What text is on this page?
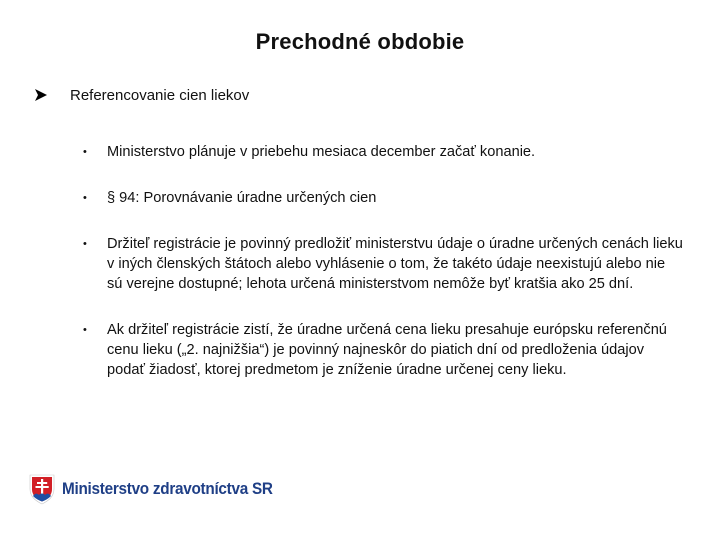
Prechodné obdobie
Referencovanie cien liekov
• Ministerstvo plánuje v priebehu mesiaca december začať konanie.
• § 94: Porovnávanie úradne určených cien
• Držiteľ registrácie je povinný predložiť ministerstvu údaje o úradne určených cenách lieku v iných členských štátoch alebo vyhlásenie o tom, že takéto údaje neexistujú alebo nie sú verejne dostupné; lehota určená ministerstvom nemôže byť kratšia ako 25 dní.
• Ak držiteľ registrácie zistí, že úradne určená cena lieku presahuje európsku referenčnú cenu lieku („2. najnižšia“) je povinný najneskôr do piatich dní od predloženia údajov podať žiadosť, ktorej predmetom je zníženie úradne určenej ceny lieku.
Ministerstvo zdravotníctva SR
